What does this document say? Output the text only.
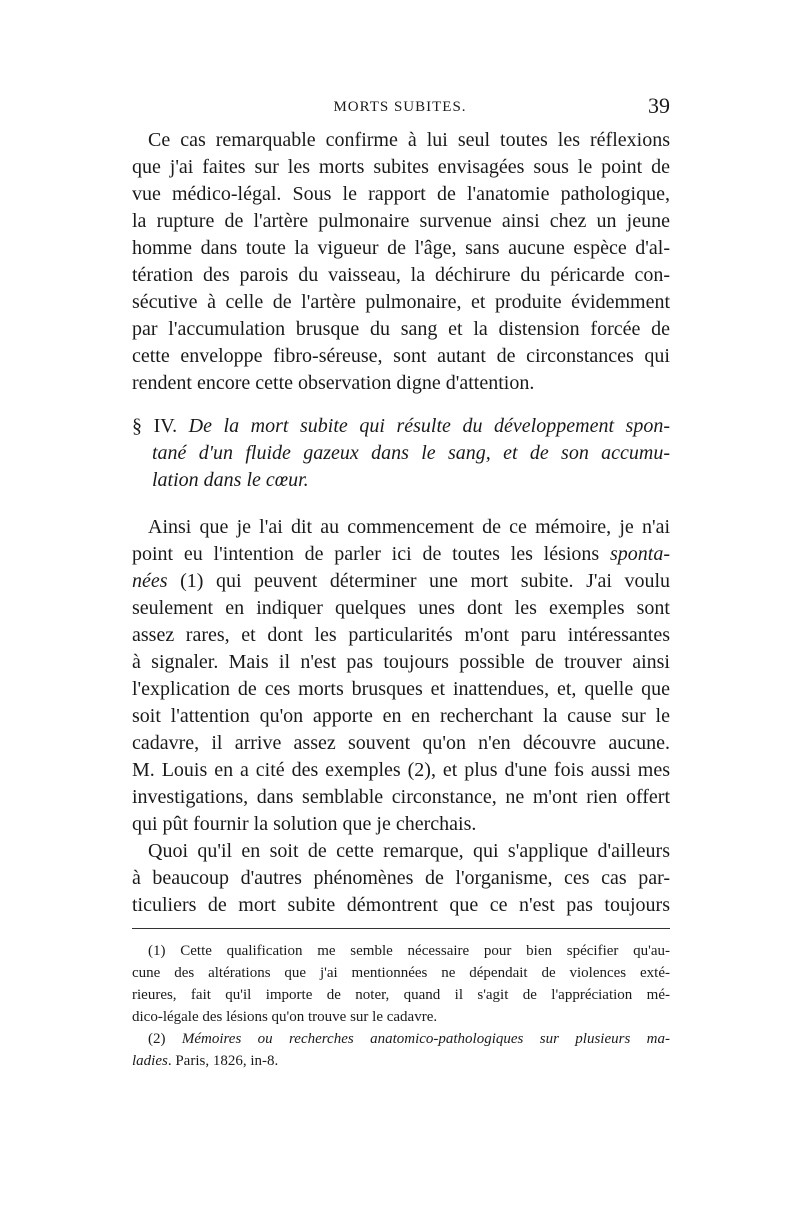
MORTS SUBITES.	39
Ce cas remarquable confirme à lui seul toutes les réflexions
que j'ai faites sur les morts subites envisagées sous le point de
vue médico-légal. Sous le rapport de l'anatomie pathologique,
la rupture de l'artère pulmonaire survenue ainsi chez un jeune
homme dans toute la vigueur de l'âge, sans aucune espèce d'al-
tération des parois du vaisseau, la déchirure du péricarde con-
sécutive à celle de l'artère pulmonaire, et produite évidemment
par l'accumulation brusque du sang et la distension forcée de
cette enveloppe fibro-séreuse, sont autant de circonstances qui
rendent encore cette observation digne d'attention.
§ IV. De la mort subite qui résulte du développement spon-
tané d'un fluide gazeux dans le sang, et de son accumu-
lation dans le cœur.
Ainsi que je l'ai dit au commencement de ce mémoire, je n'ai
point eu l'intention de parler ici de toutes les lésions sponta-
nées (1) qui peuvent déterminer une mort subite. J'ai voulu
seulement en indiquer quelques unes dont les exemples sont
assez rares, et dont les particularités m'ont paru intéressantes
à signaler. Mais il n'est pas toujours possible de trouver ainsi
l'explication de ces morts brusques et inattendues, et, quelle que
soit l'attention qu'on apporte en en recherchant la cause sur le
cadavre, il arrive assez souvent qu'on n'en découvre aucune.
M. Louis en a cité des exemples (2), et plus d'une fois aussi mes
investigations, dans semblable circonstance, ne m'ont rien offert
qui pût fournir la solution que je cherchais.
Quoi qu'il en soit de cette remarque, qui s'applique d'ailleurs
à beaucoup d'autres phénomènes de l'organisme, ces cas par-
ticuliers de mort subite démontrent que ce n'est pas toujours
(1) Cette qualification me semble nécessaire pour bien spécifier qu'au-
cune des altérations que j'ai mentionnées ne dépendait de violences exté-
rieures, fait qu'il importe de noter, quand il s'agit de l'appréciation mé-
dico-légale des lésions qu'on trouve sur le cadavre.
(2) Mémoires ou recherches anatomico-pathologiques sur plusieurs ma-
ladies. Paris, 1826, in-8.
